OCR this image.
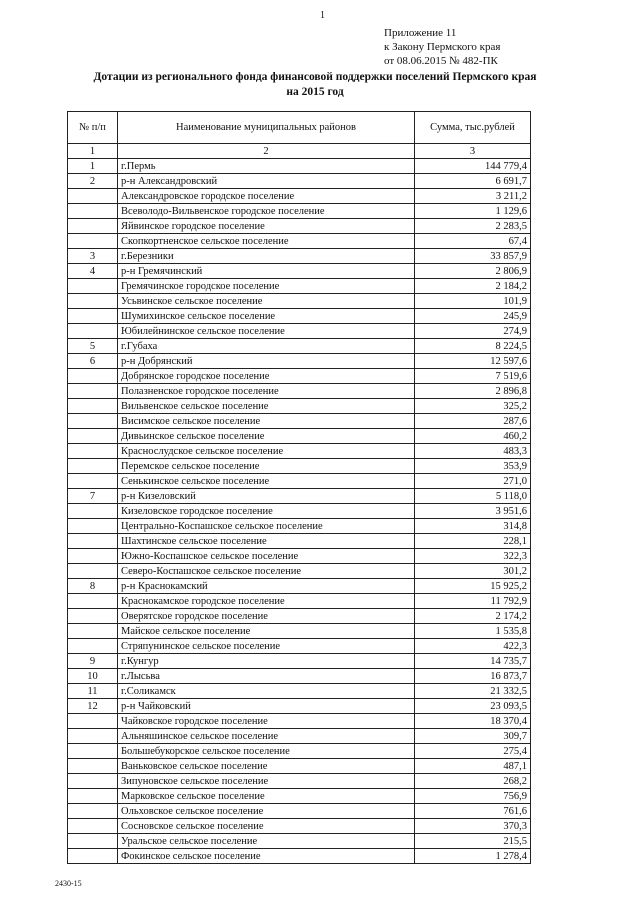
1
Приложение 11
к Закону Пермского края
от 08.06.2015 № 482-ПК
Дотации из регионального фонда финансовой поддержки поселений Пермского края
на 2015 год
№ п/п	Наименование муниципальных районов	Сумма, тыс.рублей
1	2	3
1	г.Пермь	144 779,4
2	р-н Александровский	6 691,7
	Александровское городское поселение	3 211,2
	Всеволодо-Вильвенское городское поселение	1 129,6
	Яйвинское городское поселение	2 283,5
	Скопкортненское сельское поселение	67,4
3	г.Березники	33 857,9
4	р-н Гремячинский	2 806,9
	Гремячинское городское поселение	2 184,2
	Усьвинское сельское поселение	101,9
	Шумихинское сельское поселение	245,9
	Юбилейнинское сельское поселение	274,9
5	г.Губаха	8 224,5
6	р-н Добрянский	12 597,6
	Добрянское городское поселение	7 519,6
	Полазненское городское поселение	2 896,8
	Вильвенское сельское поселение	325,2
	Висимское сельское поселение	287,6
	Дивьинское сельское поселение	460,2
	Краснослудское сельское поселение	483,3
	Перемское сельское поселение	353,9
	Сенькинское сельское поселение	271,0
7	р-н Кизеловский	5 118,0
	Кизеловское городское поселение	3 951,6
	Центрально-Коспашское сельское поселение	314,8
	Шахтинское сельское поселение	228,1
	Южно-Коспашское сельское поселение	322,3
	Северо-Коспашское сельское поселение	301,2
8	р-н Краснокамский	15 925,2
	Краснокамское городское поселение	11 792,9
	Оверятское городское поселение	2 174,2
	Майское сельское поселение	1 535,8
	Стряпунинское сельское поселение	422,3
9	г.Кунгур	14 735,7
10	г.Лысьва	16 873,7
11	г.Соликамск	21 332,5
12	р-н Чайковский	23 093,5
	Чайковское городское поселение	18 370,4
	Альняшинское сельское поселение	309,7
	Большебукорское сельское поселение	275,4
	Ваньковское сельское поселение	487,1
	Зипуновское сельское поселение	268,2
	Марковское сельское поселение	756,9
	Ольховское сельское поселение	761,6
	Сосновское сельское поселение	370,3
	Уральское сельское поселение	215,5
	Фокинское сельское поселение	1 278,4
2430-15
